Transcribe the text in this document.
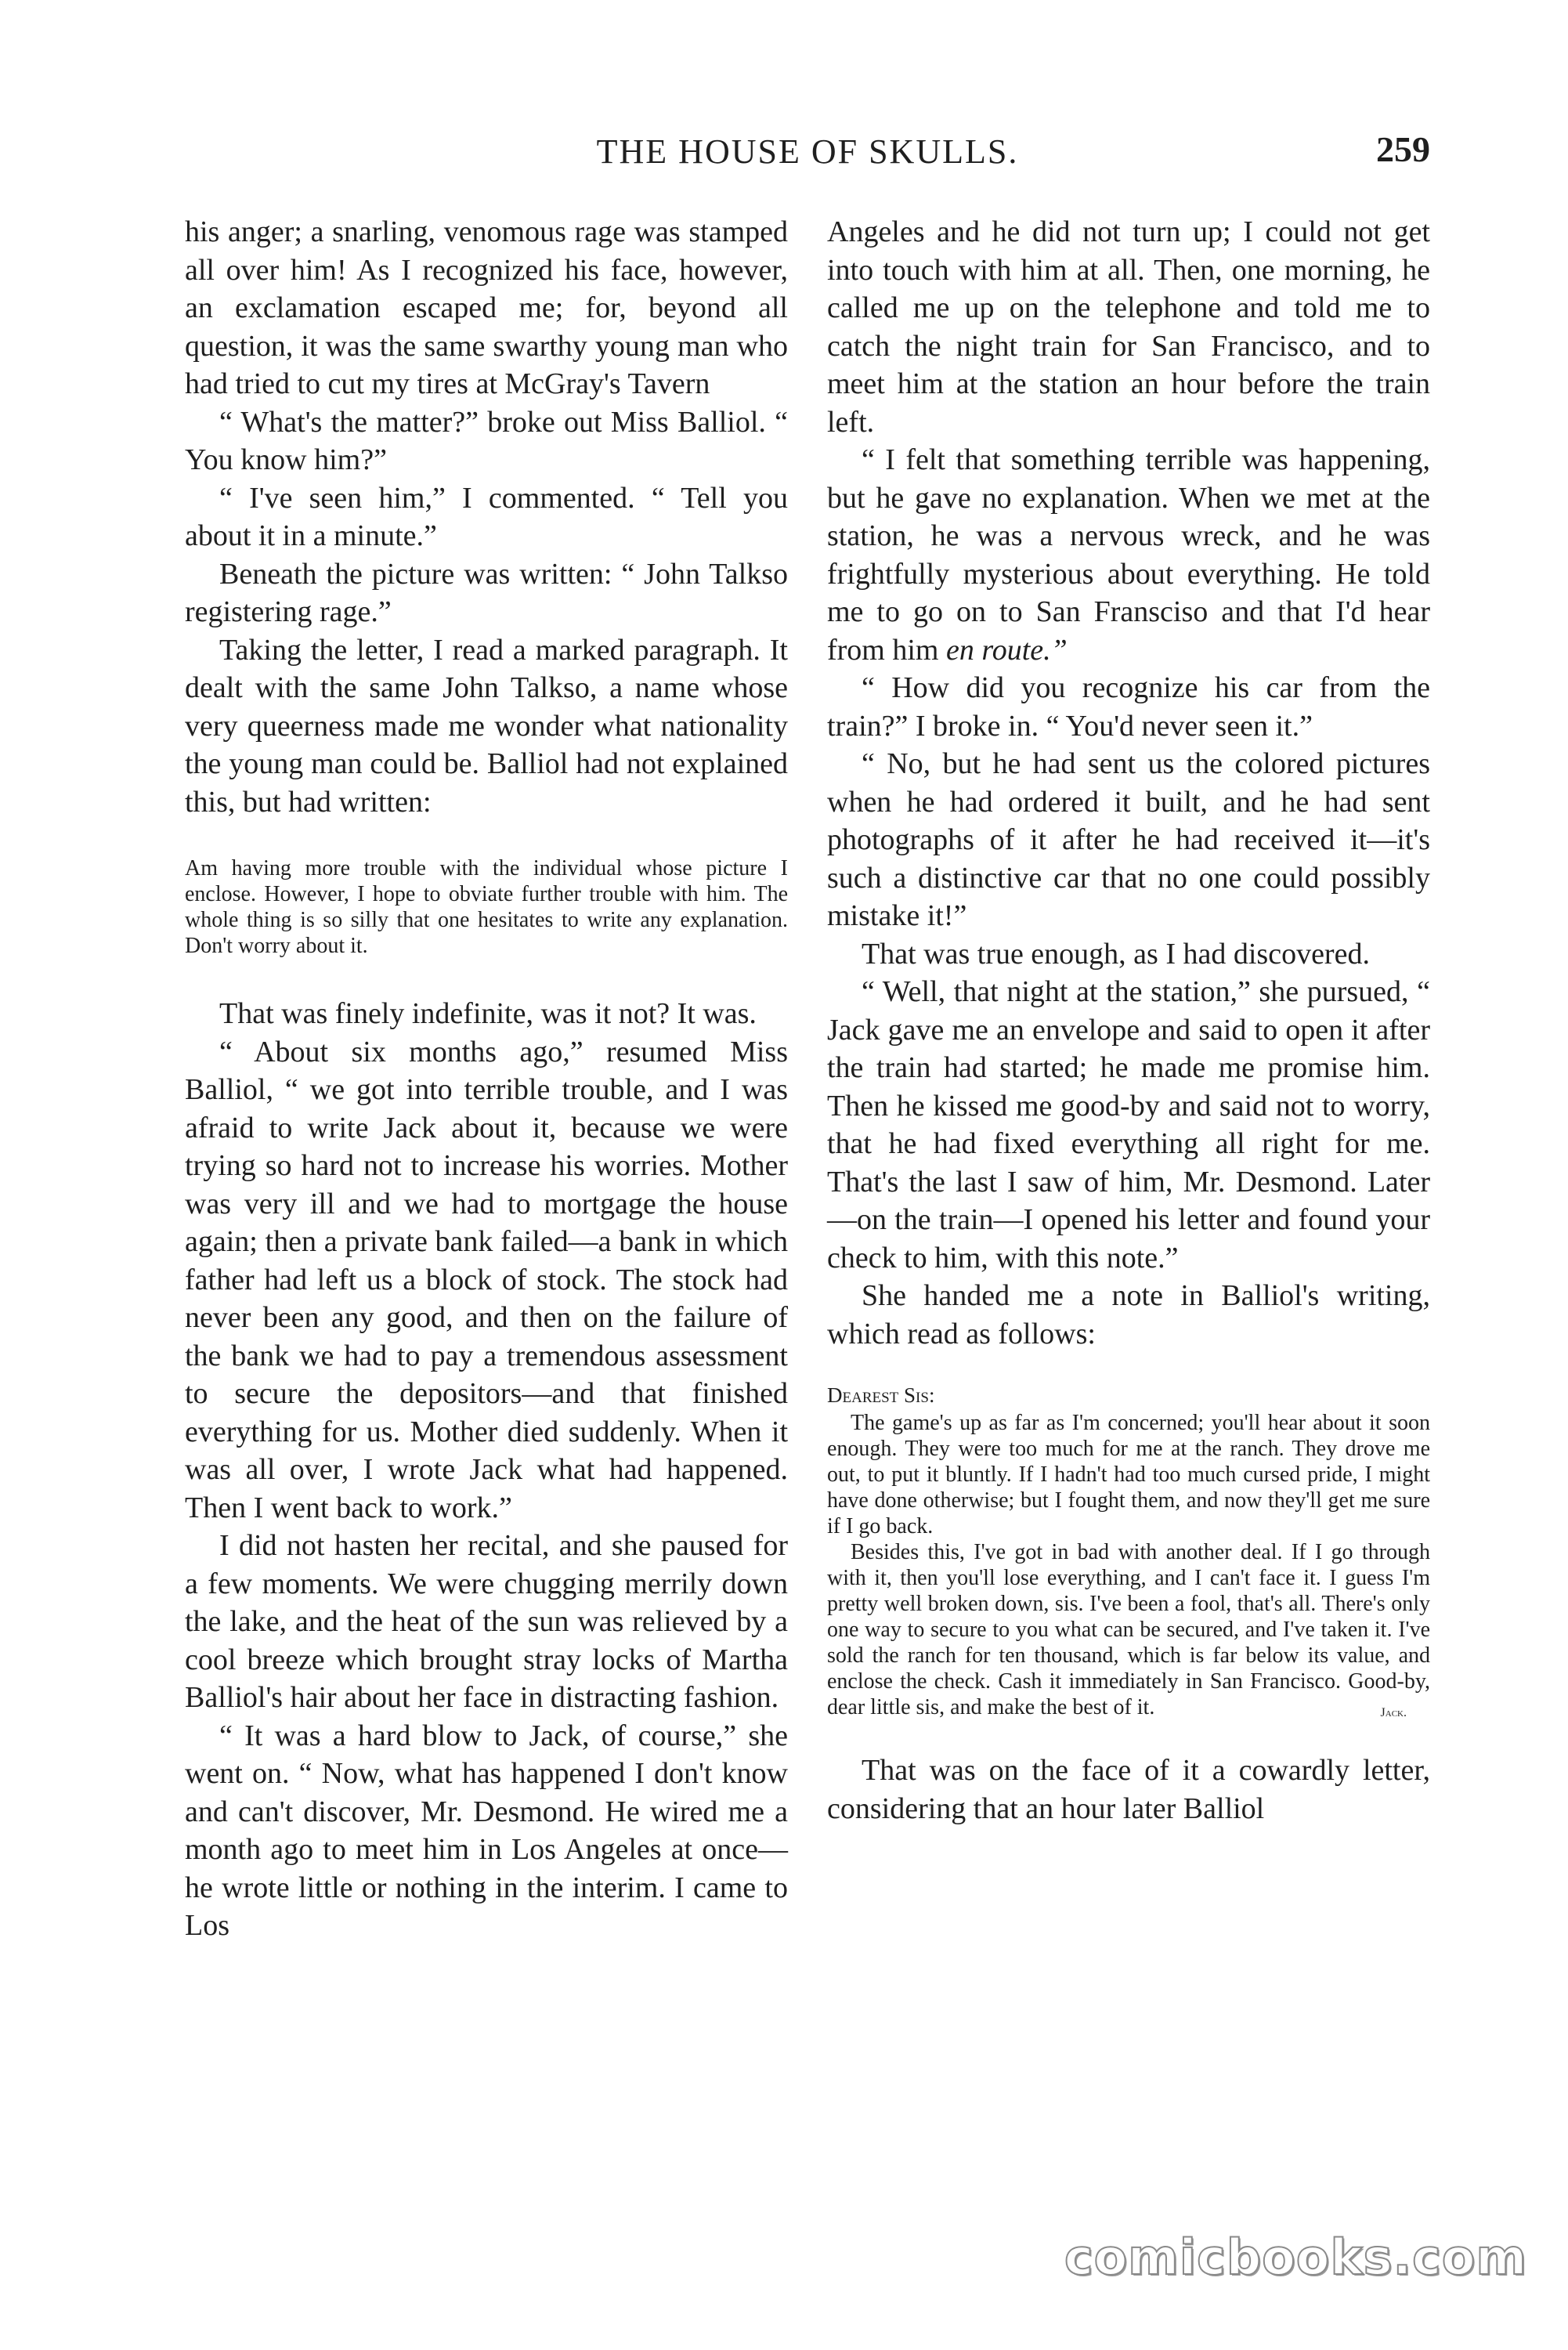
THE HOUSE OF SKULLS.	259

his anger; a snarling, venomous rage was stamped all over him! As I recognized his face, however, an exclamation escaped me; for, beyond all question, it was the same swarthy young man who had tried to cut my tires at McGray's Tavern

“ What's the matter?” broke out Miss Balliol. “ You know him?”

“ I've seen him,” I commented. “ Tell you about it in a minute.”

Beneath the picture was written: “ John Talkso registering rage.”

Taking the letter, I read a marked paragraph. It dealt with the same John Talkso, a name whose very queerness made me wonder what nationality the young man could be. Balliol had not explained this, but had written:

Am having more trouble with the individual whose picture I enclose. However, I hope to obviate further trouble with him. The whole thing is so silly that one hesitates to write any explanation. Don't worry about it.

That was finely indefinite, was it not? It was.

“ About six months ago,” resumed Miss Balliol, “ we got into terrible trouble, and I was afraid to write Jack about it, because we were trying so hard not to increase his worries. Mother was very ill and we had to mortgage the house again; then a private bank failed—a bank in which father had left us a block of stock. The stock had never been any good, and then on the failure of the bank we had to pay a tremendous assessment to secure the depositors—and that finished everything for us. Mother died suddenly. When it was all over, I wrote Jack what had happened. Then I went back to work.”

I did not hasten her recital, and she paused for a few moments. We were chugging merrily down the lake, and the heat of the sun was relieved by a cool breeze which brought stray locks of Martha Balliol's hair about her face in distracting fashion.

“ It was a hard blow to Jack, of course,” she went on. “ Now, what has happened I don't know and can't discover, Mr. Desmond. He wired me a month ago to meet him in Los Angeles at once—he wrote little or nothing in the interim. I came to Los

Angeles and he did not turn up; I could not get into touch with him at all. Then, one morning, he called me up on the telephone and told me to catch the night train for San Francisco, and to meet him at the station an hour before the train left.

“ I felt that something terrible was happening, but he gave no explanation. When we met at the station, he was a nervous wreck, and he was frightfully mysterious about everything. He told me to go on to San Fransciso and that I'd hear from him en route.”

“ How did you recognize his car from the train?” I broke in. “ You'd never seen it.”

“ No, but he had sent us the colored pictures when he had ordered it built, and he had sent photographs of it after he had received it—it's such a distinctive car that no one could possibly mistake it!”

That was true enough, as I had discovered.

“ Well, that night at the station,” she pursued, “ Jack gave me an envelope and said to open it after the train had started; he made me promise him. Then he kissed me good-by and said not to worry, that he had fixed everything all right for me. That's the last I saw of him, Mr. Desmond. Later—on the train—I opened his letter and found your check to him, with this note.”

She handed me a note in Balliol's writing, which read as follows:

Dearest Sis:

The game's up as far as I'm concerned; you'll hear about it soon enough. They were too much for me at the ranch. They drove me out, to put it bluntly. If I hadn't had too much cursed pride, I might have done otherwise; but I fought them, and now they'll get me sure if I go back.

Besides this, I've got in bad with another deal. If I go through with it, then you'll lose everything, and I can't face it. I guess I'm pretty well broken down, sis. I've been a fool, that's all. There's only one way to secure to you what can be secured, and I've taken it. I've sold the ranch for ten thousand, which is far below its value, and enclose the check. Cash it immediately in San Francisco. Good-by, dear little sis, and make the best of it.	Jack.

That was on the face of it a cowardly letter, considering that an hour later Balliol

comicbooks.com
